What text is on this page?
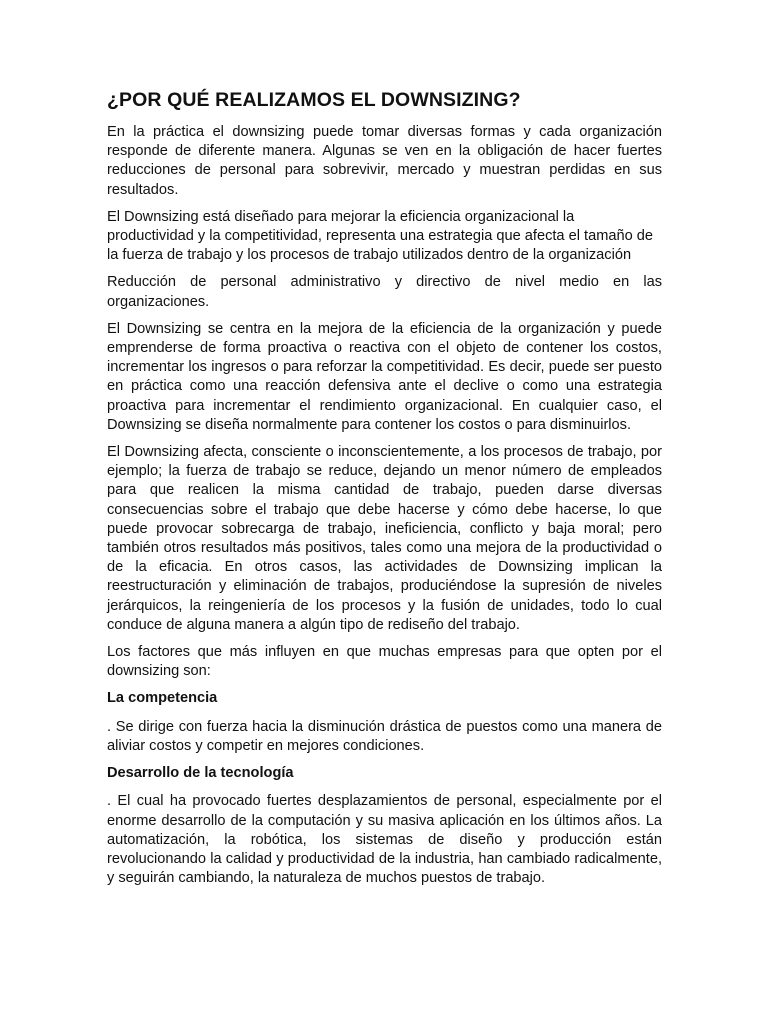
¿POR QUÉ REALIZAMOS EL DOWNSIZING?

En la práctica el downsizing puede tomar diversas formas y cada organización responde de diferente manera. Algunas se ven en la obligación de hacer fuertes reducciones de personal para sobrevivir, mercado y muestran perdidas en sus resultados.

El Downsizing está diseñado para mejorar la eficiencia organizacional la productividad y la competitividad, representa una estrategia que afecta el tamaño de la fuerza de trabajo y los procesos de trabajo utilizados dentro de la organización

Reducción de personal administrativo y directivo de nivel medio en las organizaciones.

El Downsizing se centra en la mejora de la eficiencia de la organización y puede emprenderse de forma proactiva o reactiva con el objeto de contener los costos, incrementar los ingresos o para reforzar la competitividad. Es decir, puede ser puesto en práctica como una reacción defensiva ante el declive o como una estrategia proactiva para incrementar el rendimiento organizacional. En cualquier caso, el Downsizing se diseña normalmente para contener los costos o para disminuirlos.

El Downsizing afecta, consciente o inconscientemente, a los procesos de trabajo, por ejemplo; la fuerza de trabajo se reduce, dejando un menor número de empleados para que realicen la misma cantidad de trabajo, pueden darse diversas consecuencias sobre el trabajo que debe hacerse y cómo debe hacerse, lo que puede provocar sobrecarga de trabajo, ineficiencia, conflicto y baja moral; pero también otros resultados más positivos, tales como una mejora de la productividad o de la eficacia. En otros casos, las actividades de Downsizing implican la reestructuración y eliminación de trabajos, produciéndose la supresión de niveles jerárquicos, la reingeniería de los procesos y la fusión de unidades, todo lo cual conduce de alguna manera a algún tipo de rediseño del trabajo.

Los factores que más influyen en que muchas empresas para que opten por el downsizing son:

La competencia

. Se dirige con fuerza hacia la disminución drástica de puestos como una manera de aliviar costos y competir en mejores condiciones.

Desarrollo de la tecnología

. El cual ha provocado fuertes desplazamientos de personal, especialmente por el enorme desarrollo de la computación y su masiva aplicación en los últimos años. La automatización, la robótica, los sistemas de diseño y producción están revolucionando la calidad y productividad de la industria, han cambiado radicalmente, y seguirán cambiando, la naturaleza de muchos puestos de trabajo.
